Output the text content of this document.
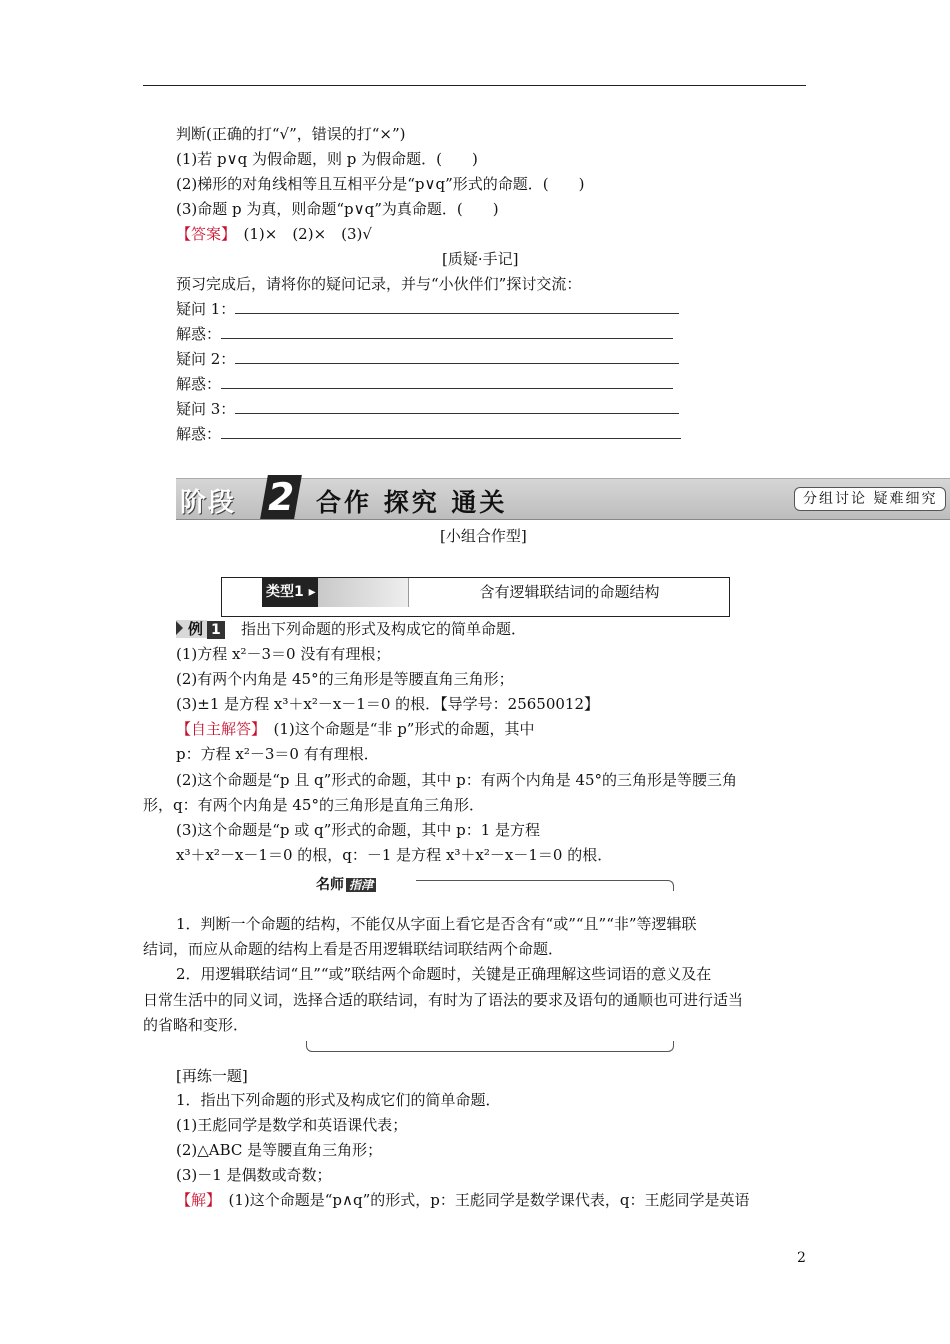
判断(正确的打“√”，错误的打“×”)
(1)若 p∨q 为假命题，则 p 为假命题．(　　)
(2)梯形的对角线相等且互相平分是“p∨q”形式的命题．(　　)
(3)命题 p 为真，则命题“p∨q”为真命题．(　　)
【答案】　(1)×　(2)×　(3)√
[质疑·手记]
预习完成后，请将你的疑问记录，并与“小伙伴们”探讨交流：
疑问 1：
解惑：
疑问 2：
解惑：
疑问 3：
解惑：
阶段 2 合作 探究 通关	分组讨论 疑难细究
[小组合作型]
类型1 ▸	含有逻辑联结词的命题结构
例 1 指出下列命题的形式及构成它的简单命题．
(1)方程 x²－3＝0 没有有理根；
(2)有两个内角是 45°的三角形是等腰直角三角形；
(3)±1 是方程 x³＋x²－x－1＝0 的根．【导学号：25650012】
【自主解答】　(1)这个命题是“非 p”形式的命题，其中
p：方程 x²－3＝0 有有理根．
(2)这个命题是“p 且 q”形式的命题，其中 p：有两个内角是 45°的三角形是等腰三角
形，q：有两个内角是 45°的三角形是直角三角形．
(3)这个命题是“p 或 q”形式的命题，其中 p：1 是方程
x³＋x²－x－1＝0 的根，q：－1 是方程 x³＋x²－x－1＝0 的根．
名师 指津
1．判断一个命题的结构，不能仅从字面上看它是否含有“或”“且”“非”等逻辑联
结词，而应从命题的结构上看是否用逻辑联结词联结两个命题．
2．用逻辑联结词“且”“或”联结两个命题时，关键是正确理解这些词语的意义及在
日常生活中的同义词，选择合适的联结词，有时为了语法的要求及语句的通顺也可进行适当
的省略和变形．
[再练一题]
1．指出下列命题的形式及构成它们的简单命题．
(1)王彪同学是数学和英语课代表；
(2)△ABC 是等腰直角三角形；
(3)－1 是偶数或奇数；
【解】　(1)这个命题是“p∧q”的形式，p：王彪同学是数学课代表，q：王彪同学是英语
2
